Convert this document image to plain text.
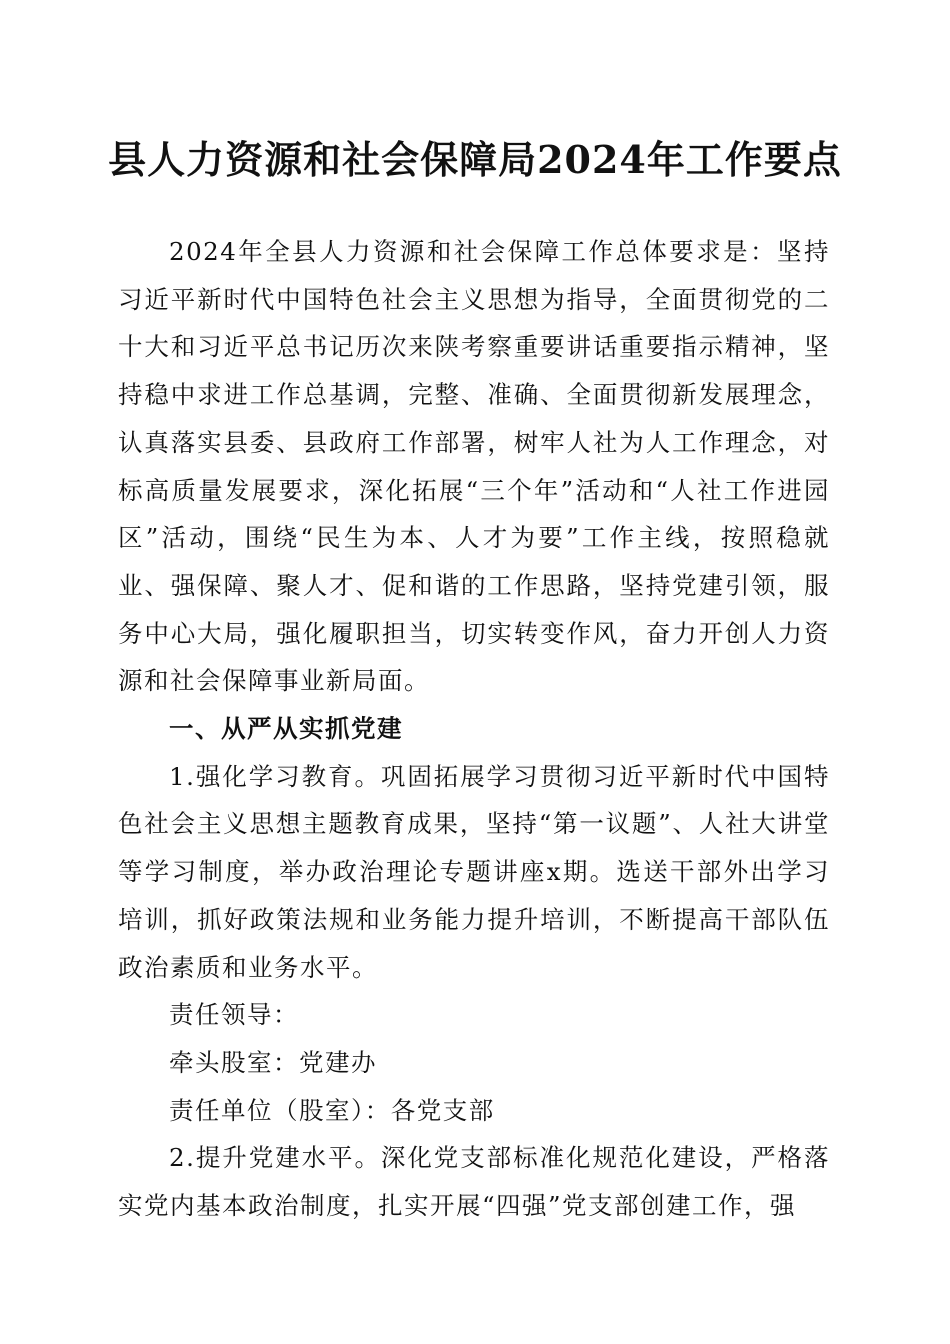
县人力资源和社会保障局2024年工作要点

2024年全县人力资源和社会保障工作总体要求是：坚持习近平新时代中国特色社会主义思想为指导，全面贯彻党的二十大和习近平总书记历次来陕考察重要讲话重要指示精神，坚持稳中求进工作总基调，完整、准确、全面贯彻新发展理念，认真落实县委、县政府工作部署，树牢人社为人工作理念，对标高质量发展要求，深化拓展“三个年”活动和“人社工作进园区”活动，围绕“民生为本、人才为要”工作主线，按照稳就业、强保障、聚人才、促和谐的工作思路，坚持党建引领，服务中心大局，强化履职担当，切实转变作风，奋力开创人力资源和社会保障事业新局面。

一、从严从实抓党建

1.强化学习教育。巩固拓展学习贯彻习近平新时代中国特色社会主义思想主题教育成果，坚持“第一议题”、人社大讲堂等学习制度，举办政治理论专题讲座x期。选送干部外出学习培训，抓好政策法规和业务能力提升培训，不断提高干部队伍政治素质和业务水平。

责任领导：

牵头股室：党建办

责任单位（股室）：各党支部

2.提升党建水平。深化党支部标准化规范化建设，严格落实党内基本政治制度，扎实开展“四强”党支部创建工作，强
